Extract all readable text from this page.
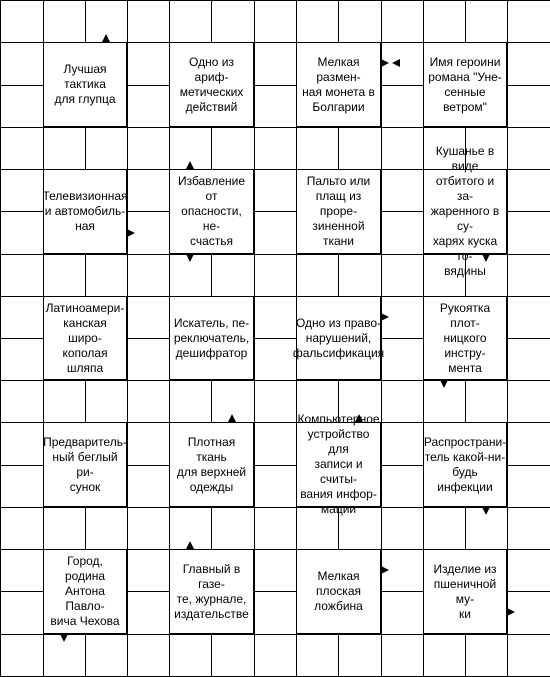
Лучшая тактика
для глупца
Одно из ариф-
метических
действий
Мелкая размен-
ная монета в
Болгарии
Имя героини
романа "Уне-
сенные ветром"
Телевизионная
и автомобиль-
ная
Избавление от
опасности, не-
счастья
Пальто или
плащ из проре-
зиненной ткани
Кушанье в виде
отбитого и за-
жаренного в су-
харях куска го-
вядины
Латиноамери-
канская широ-
кополая шляпа
Искатель, пе-
реключатель,
дешифратор
Одно из право-
нарушений,
фальсификация
Рукоятка плот-
ницкого инстру-
мента
Предваритель-
ный беглый ри-
сунок
Плотная ткань
для верхней
одежды
Компьютерное
устройство для
записи и считы-
вания инфор-
мации
Распространи-
тель какой-ни-
будь инфекции
Город, родина
Антона Павло-
вича Чехова
Главный в газе-
те, журнале,
издательстве
Мелкая плоская
ложбина
Изделие из
пшеничной му-
ки
